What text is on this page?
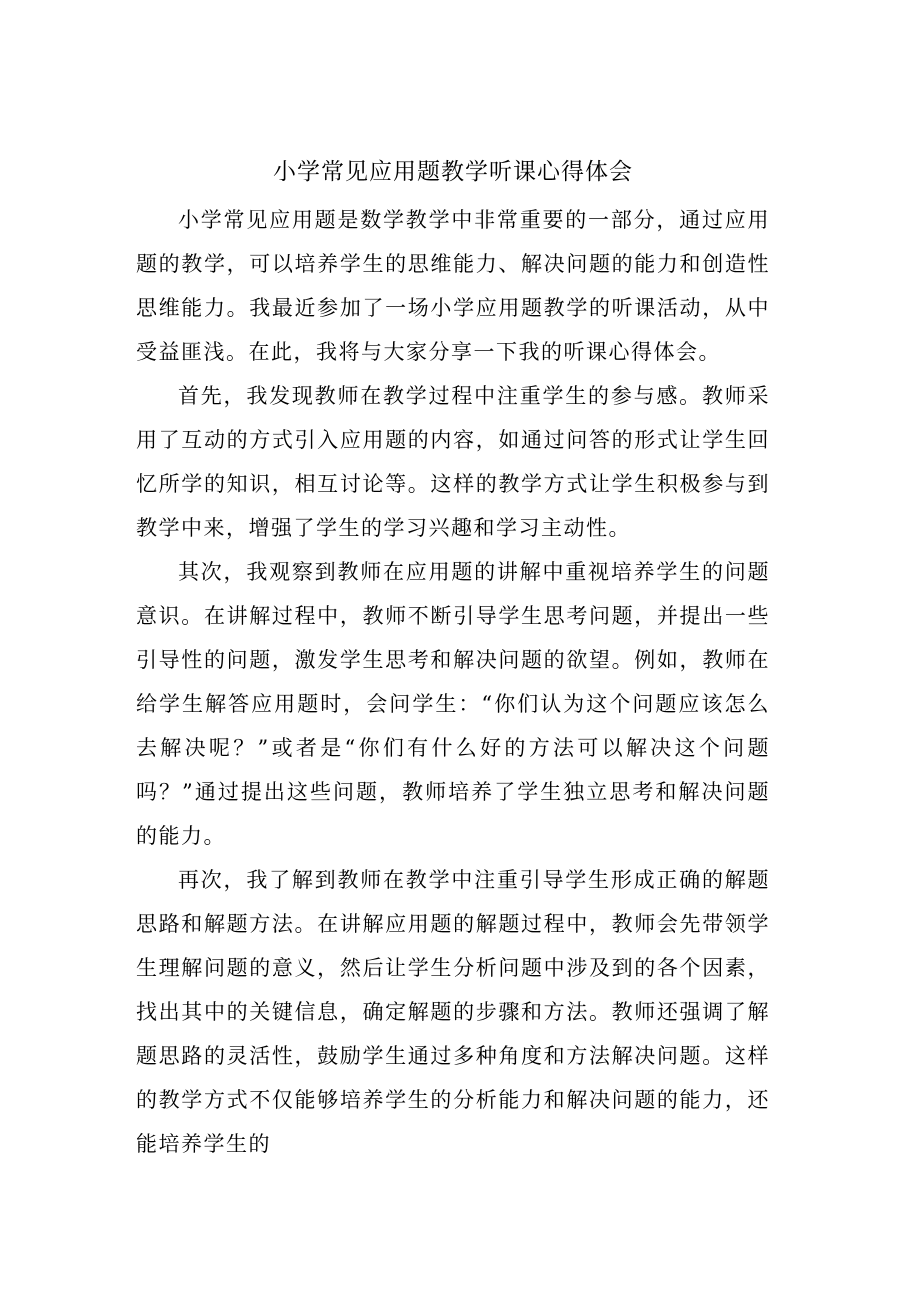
小学常见应用题教学听课心得体会

小学常见应用题是数学教学中非常重要的一部分，通过应用题的教学，可以培养学生的思维能力、解决问题的能力和创造性思维能力。我最近参加了一场小学应用题教学的听课活动，从中受益匪浅。在此，我将与大家分享一下我的听课心得体会。

首先，我发现教师在教学过程中注重学生的参与感。教师采用了互动的方式引入应用题的内容，如通过问答的形式让学生回忆所学的知识，相互讨论等。这样的教学方式让学生积极参与到教学中来，增强了学生的学习兴趣和学习主动性。

其次，我观察到教师在应用题的讲解中重视培养学生的问题意识。在讲解过程中，教师不断引导学生思考问题，并提出一些引导性的问题，激发学生思考和解决问题的欲望。例如，教师在给学生解答应用题时，会问学生：“你们认为这个问题应该怎么去解决呢？”或者是“你们有什么好的方法可以解决这个问题吗？”通过提出这些问题，教师培养了学生独立思考和解决问题的能力。

再次，我了解到教师在教学中注重引导学生形成正确的解题思路和解题方法。在讲解应用题的解题过程中，教师会先带领学生理解问题的意义，然后让学生分析问题中涉及到的各个因素，找出其中的关键信息，确定解题的步骤和方法。教师还强调了解题思路的灵活性，鼓励学生通过多种角度和方法解决问题。这样的教学方式不仅能够培养学生的分析能力和解决问题的能力，还能培养学生的
